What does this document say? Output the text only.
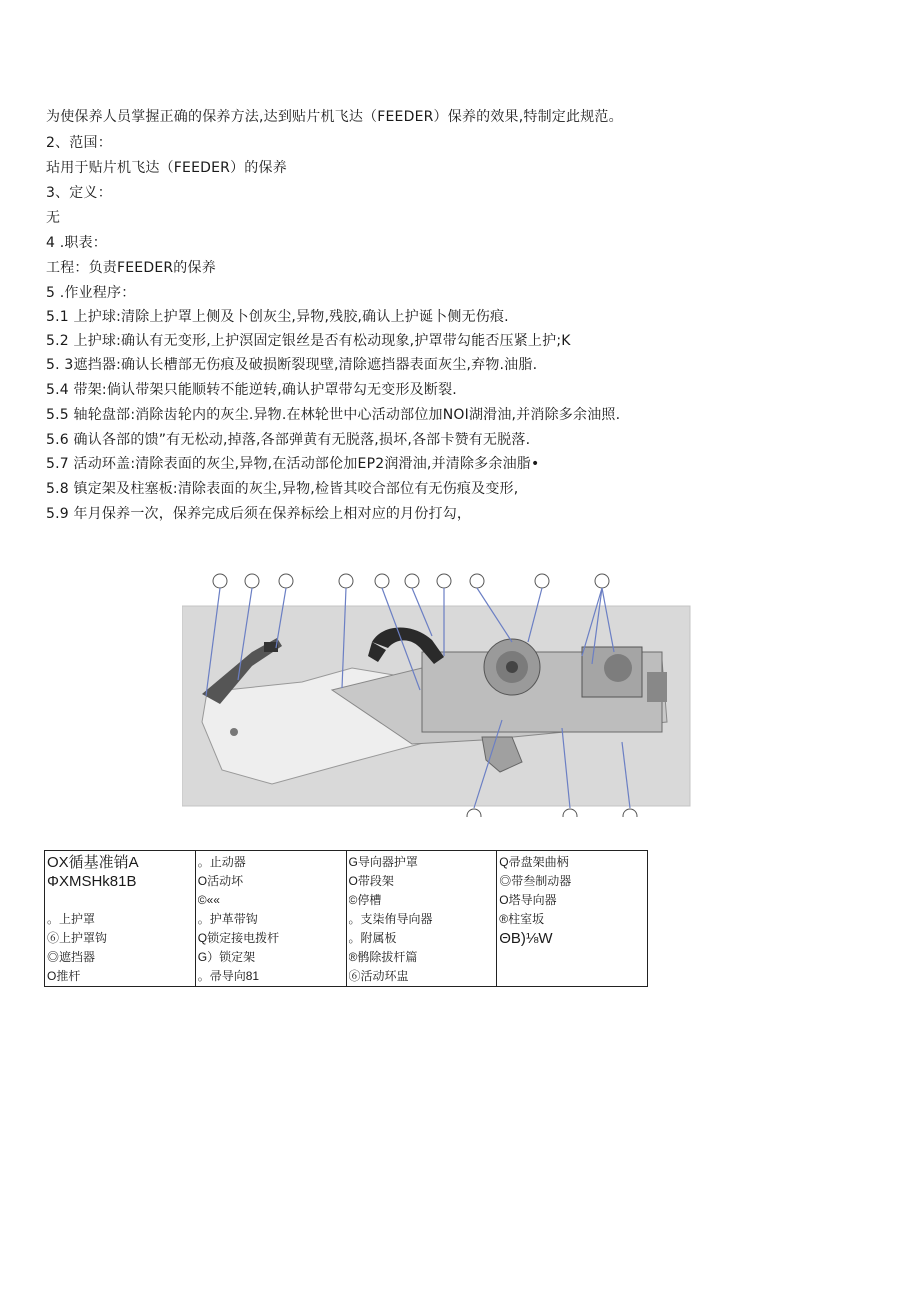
为使保养人员掌握正确的保养方法,达到贴片机飞达（FEEDER）保养的效果,特制定此规范。
2、范国：
玷用于贴片机飞达（FEEDER）的保养
3、定义：
无
4 .职表：
工程：负责FEEDER的保养
5 .作业程序：
5.1 上护球:清除上护罩上侧及卜创灰尘,异物,残胶,确认上护诞卜侧无伤痕.
5.2 上护球:确认有无变形,上护溟固定银丝是否有松动现象,护罩带勾能否压紧上护;K
5. 3遮挡器:确认长槽部无伤痕及破损断裂现壁,清除遮挡器表面灰尘,弃物.油脂.
5.4 带架:倘认带架只能顺转不能逆转,确认护罩带勾无变形及断裂.
5.5 轴轮盘部:消除齿轮内的灰尘.异物.在林轮世中心活动部位加NOI湖滑油,并消除多余油照.
5.6 确认各部的馈”有无松动,掉落,各部弹黄有无脱落,损坏,各部卡赞有无脱落.
5.7 活动环盖:清除表面的灰尘,异物,在活动部伦加EP2润滑油,并清除多余油脂•
5.8 镇定架及柱塞板:清除表面的灰尘,异物,检皆其咬合部位有无伤痕及变形,
5.9 年月保养一次，保养完成后须在保养标绘上相对应的月份打勾，
OX循基准销A
ΦXMSHk81B

。上护罩
⑥上护罩钩
◎遮挡器
O推杆
。止动器
O活动坏
©««
。护革带钩
Q锁定接电拨杆
G）锁定架
。帚导向81
G导向器护罩
O带段架
©停槽
。支柒侑导向器
。附属板
®鹘除拔杆篇
⑥活动环盅
Q帚盘架曲柄
◎带叁制动器
O塔导向器
®柱室坂
ΘB)⅛W
